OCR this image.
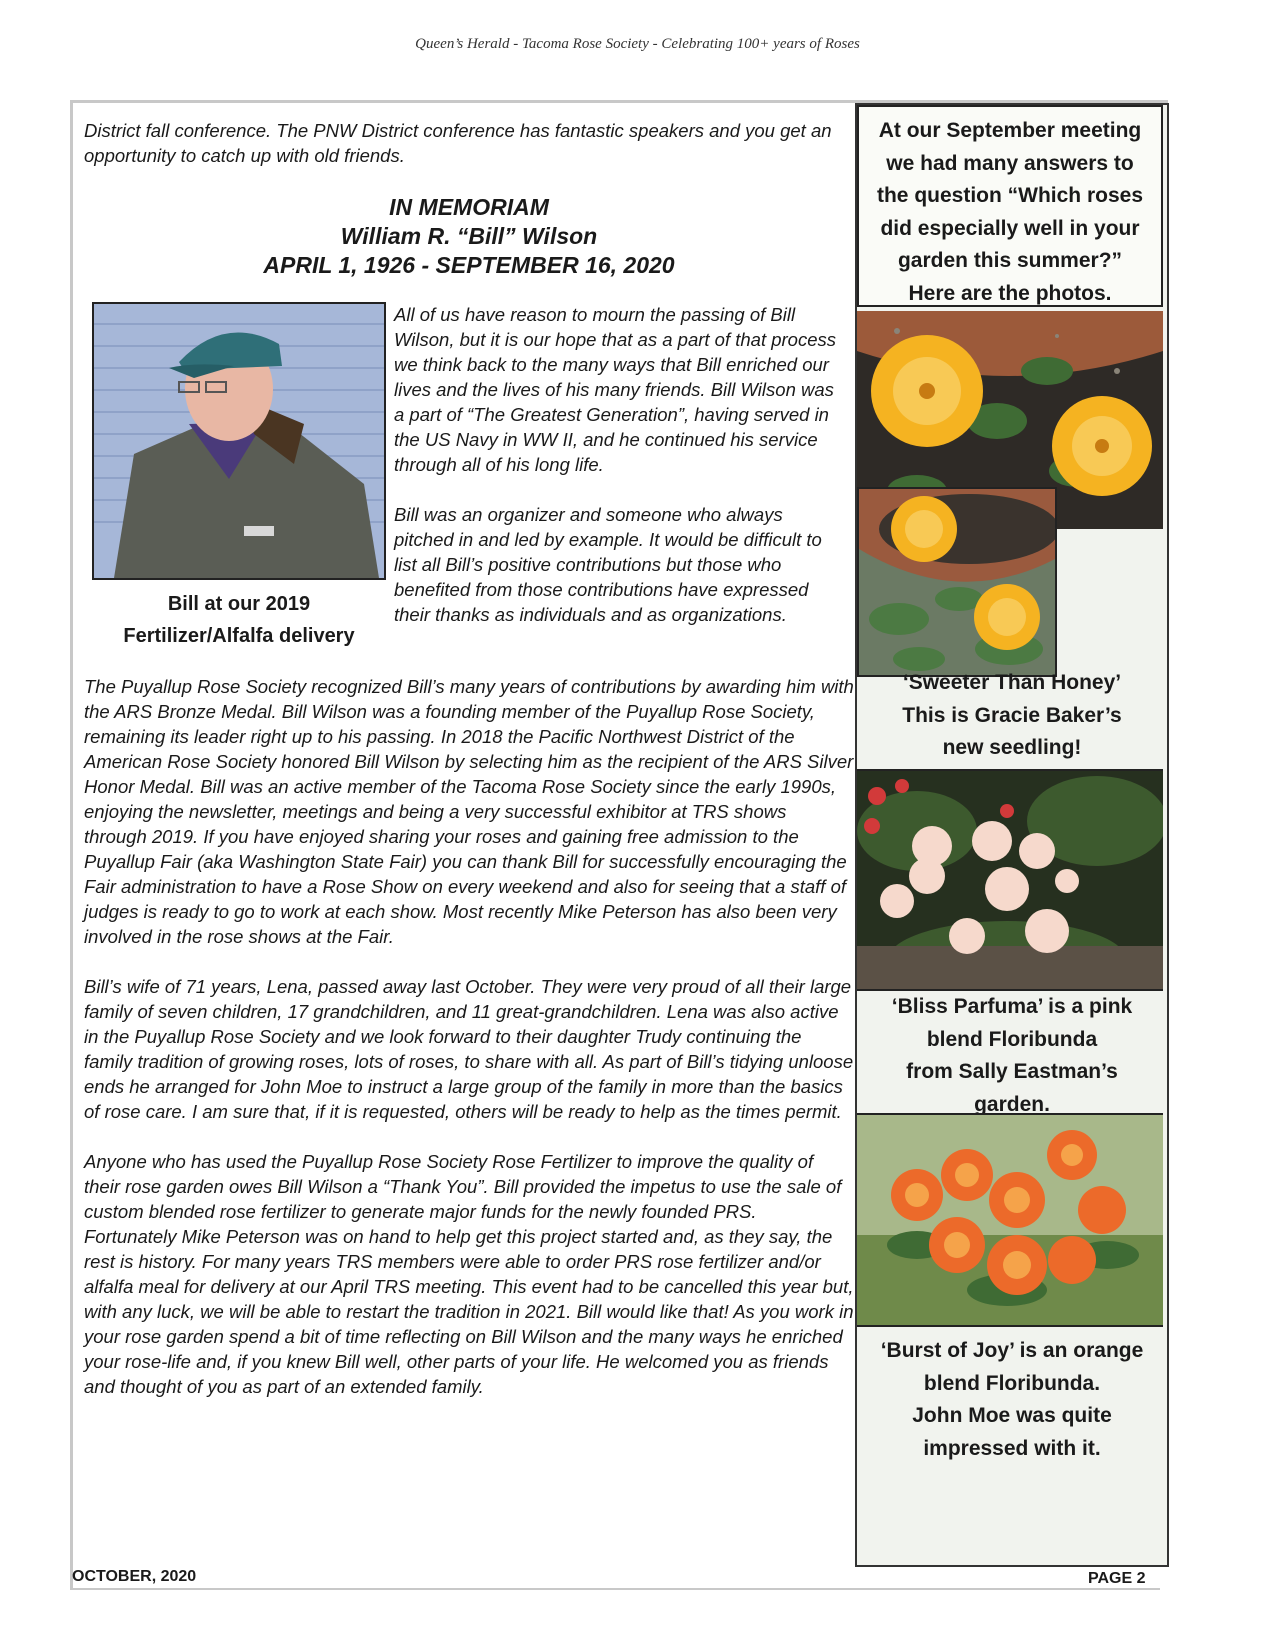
Queen’s Herald - Tacoma Rose Society - Celebrating 100+ years of Roses

District fall conference. The PNW District conference has fantastic speakers and you get an opportunity to catch up with old friends.

IN MEMORIAM
William R. “Bill” Wilson
APRIL 1, 1926 - SEPTEMBER 16, 2020
Bill at our 2019
Fertilizer/Alfalfa delivery

All of us have reason to mourn the passing of Bill Wilson, but it is our hope that as a part of that process we think back to the many ways that Bill enriched our lives and the lives of his many friends. Bill Wilson was a part of “The Greatest Generation”, having served in the US Navy in WW II, and he continued his service through all of his long life.

Bill was an organizer and someone who always pitched in and led by example. It would be difficult to list all Bill’s positive contributions but those who benefited from those contributions have expressed their thanks as individuals and as organizations.

The Puyallup Rose Society recognized Bill’s many years of contributions by awarding him with the ARS Bronze Medal. Bill Wilson was a founding member of the Puyallup Rose Society, remaining its leader right up to his passing. In 2018 the Pacific Northwest District of the American Rose Society honored Bill Wilson by selecting him as the recipient of the ARS Silver Honor Medal. Bill was an active member of the Tacoma Rose Society since the early 1990s, enjoying the newsletter, meetings and being a very successful exhibitor at TRS shows through 2019. If you have enjoyed sharing your roses and gaining free admission to the Puyallup Fair (aka Washington State Fair) you can thank Bill for successfully encouraging the Fair administration to have a Rose Show on every weekend and also for seeing that a staff of judges is ready to go to work at each show. Most recently Mike Peterson has also been very involved in the rose shows at the Fair.

Bill’s wife of 71 years, Lena, passed away last October. They were very proud of all their large family of seven children, 17 grandchildren, and 11 great-grandchildren. Lena was also active in the Puyallup Rose Society and we look forward to their daughter Trudy continuing the family tradition of growing roses, lots of roses, to share with all. As part of Bill’s tidying unloose ends he arranged for John Moe to instruct a large group of the family in more than the basics of rose care. I am sure that, if it is requested, others will be ready to help as the times permit.

Anyone who has used the Puyallup Rose Society Rose Fertilizer to improve the quality of their rose garden owes Bill Wilson a “Thank You”. Bill provided the impetus to use the sale of custom blended rose fertilizer to generate major funds for the newly founded PRS. Fortunately Mike Peterson was on hand to help get this project started and, as they say, the rest is history. For many years TRS members were able to order PRS rose fertilizer and/or alfalfa meal for delivery at our April TRS meeting. This event had to be cancelled this year but, with any luck, we will be able to restart the tradition in 2021. Bill would like that! As you work in your rose garden spend a bit of time reflecting on Bill Wilson and the many ways he enriched your rose-life and, if you knew Bill well, other parts of your life. He welcomed you as friends and thought of you as part of an extended family.

At our September meeting
we had many answers to
the question “Which roses
did especially well in your
garden this summer?”
Here are the photos.
‘Sweeter Than Honey’
This is Gracie Baker’s
new seedling!
‘Bliss Parfuma’ is a pink
blend Floribunda
from Sally Eastman’s
garden.
‘Burst of Joy’ is an orange
blend Floribunda.
John Moe was quite
impressed with it.
OCTOBER, 2020	PAGE 2
